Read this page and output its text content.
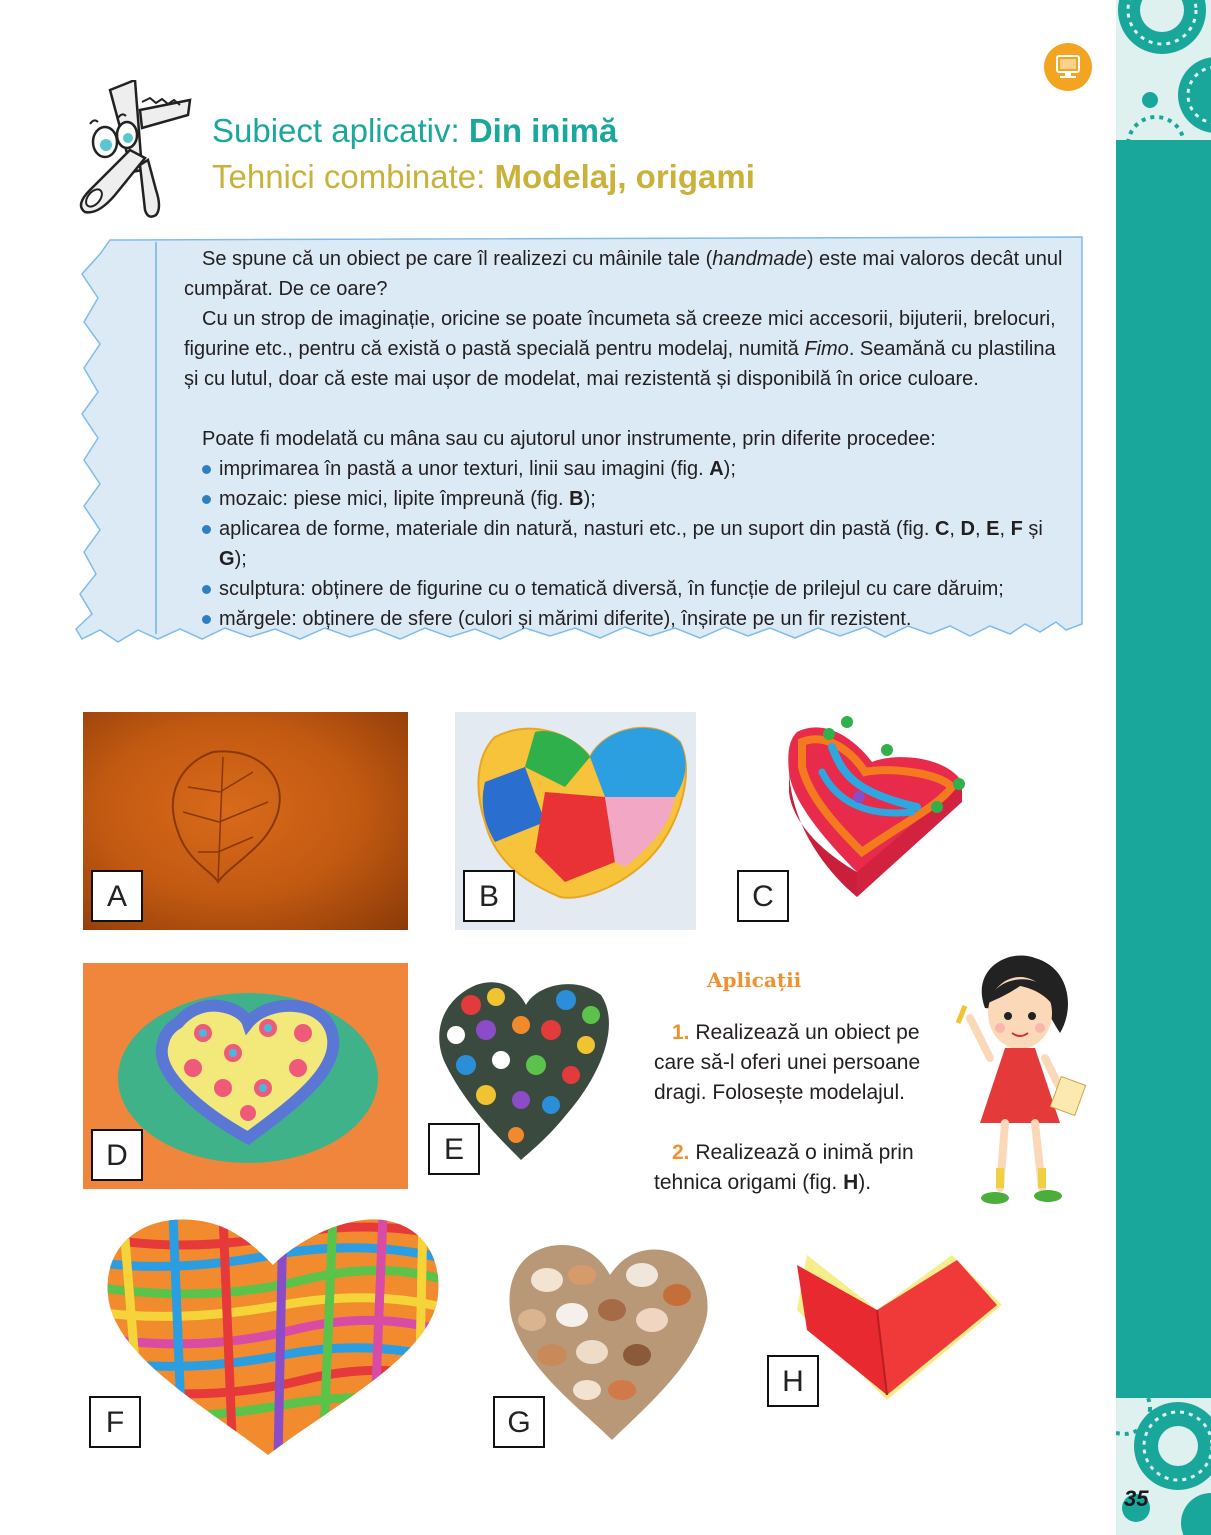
Subiect aplicativ: Din inimă
Tehnici combinate: Modelaj, origami

Se spune că un obiect pe care îl realizezi cu mâinile tale (handmade) este mai valoros decât unul cumpărat. De ce oare?

Cu un strop de imaginație, oricine se poate încumeta să creeze mici accesorii, bijuterii, brelocuri, figurine etc., pentru că există o pastă specială pentru modelaj, numită Fimo. Seamănă cu plastilina și cu lutul, doar că este mai ușor de modelat, mai rezistentă și disponibilă în orice culoare.

Poate fi modelată cu mâna sau cu ajutorul unor instrumente, prin diferite procedee:

imprimarea în pastă a unor texturi, linii sau imagini (fig. A);
mozaic: piese mici, lipite împreună (fig. B);
aplicarea de forme, materiale din natură, nasturi etc., pe un suport din pastă (fig. C, D, E, F și G);
sculptura: obținere de figurine cu o tematică diversă, în funcție de prilejul cu care dăruim;
mărgele: obținere de sfere (culori și mărimi diferite), înșirate pe un fir rezistent.
A	B	C
D	E
Aplicații

1. Realizează un obiect pe care să-l oferi unei persoane dragi. Folosește modelajul.

2. Realizează o inimă prin tehnica origami (fig. H).

F	G
H
35
